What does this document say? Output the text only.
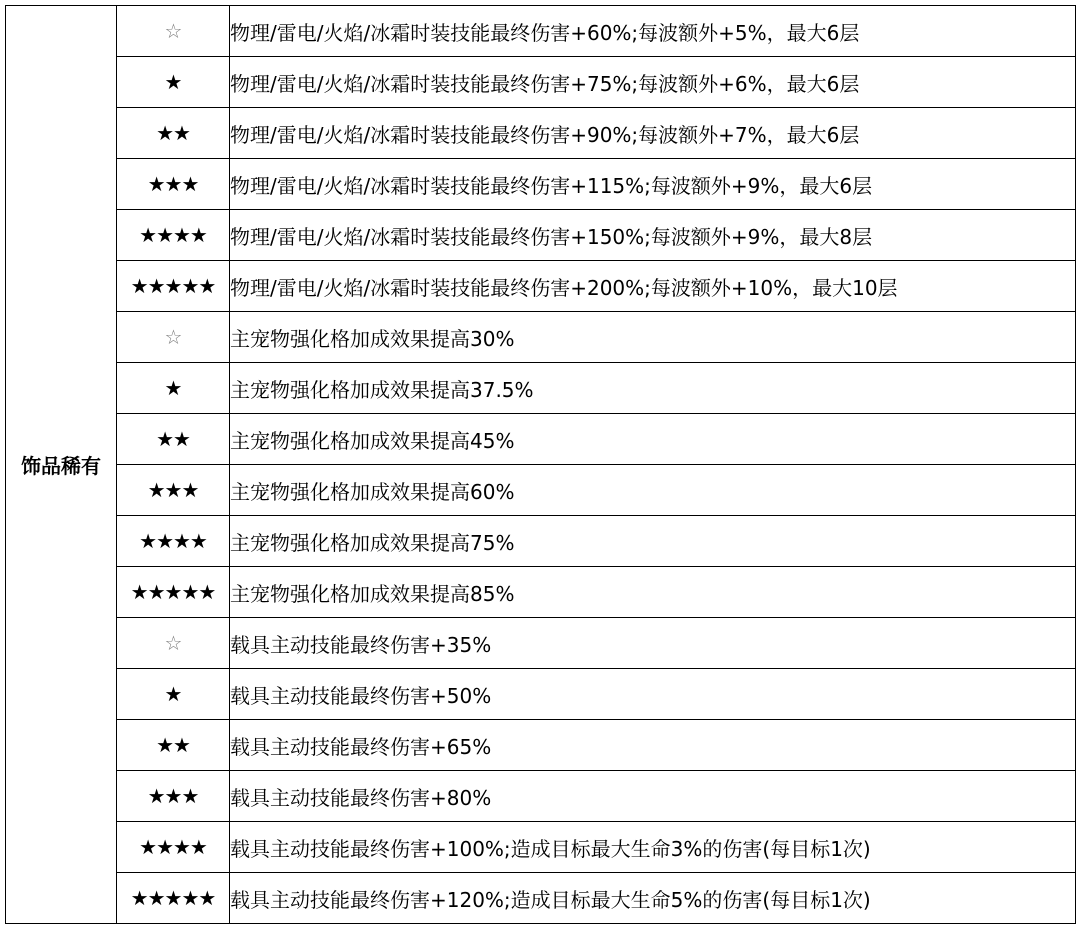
饰品稀有	☆	物理/雷电/火焰/冰霜时装技能最终伤害+60%;每波额外+5%，最大6层
	★	物理/雷电/火焰/冰霜时装技能最终伤害+75%;每波额外+6%，最大6层
	★★	物理/雷电/火焰/冰霜时装技能最终伤害+90%;每波额外+7%，最大6层
	★★★	物理/雷电/火焰/冰霜时装技能最终伤害+115%;每波额外+9%，最大6层
	★★★★	物理/雷电/火焰/冰霜时装技能最终伤害+150%;每波额外+9%，最大8层
	★★★★★	物理/雷电/火焰/冰霜时装技能最终伤害+200%;每波额外+10%，最大10层
	☆	主宠物强化格加成效果提高30%
	★	主宠物强化格加成效果提高37.5%
	★★	主宠物强化格加成效果提高45%
	★★★	主宠物强化格加成效果提高60%
	★★★★	主宠物强化格加成效果提高75%
	★★★★★	主宠物强化格加成效果提高85%
	☆	载具主动技能最终伤害+35%
	★	载具主动技能最终伤害+50%
	★★	载具主动技能最终伤害+65%
	★★★	载具主动技能最终伤害+80%
	★★★★	载具主动技能最终伤害+100%;造成目标最大生命3%的伤害(每目标1次)
	★★★★★	载具主动技能最终伤害+120%;造成目标最大生命5%的伤害(每目标1次)
